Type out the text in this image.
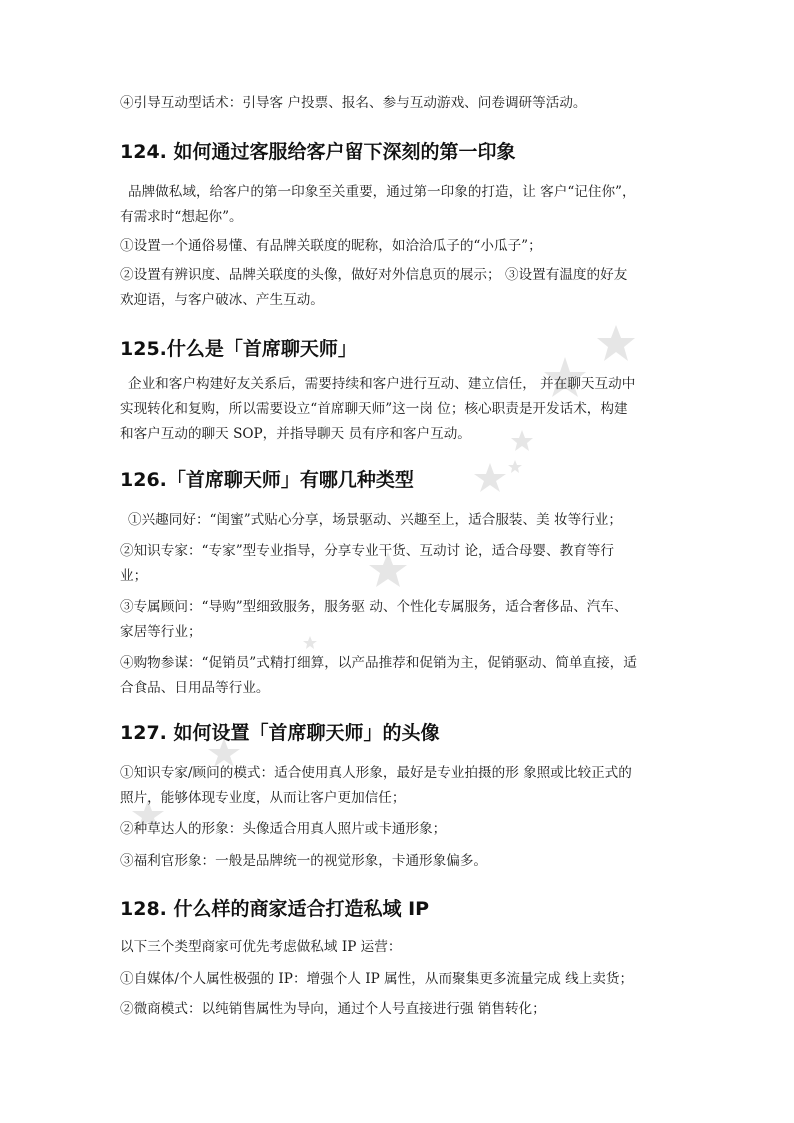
④引导互动型话术：引导客 户投票、报名、参与互动游戏、问卷调研等活动。

124. 如何通过客服给客户留下深刻的第一印象

品牌做私域，给客户的第一印象至关重要，通过第一印象的打造，让 客户“记住你”，有需求时“想起你”。

①设置一个通俗易懂、有品牌关联度的昵称，如洽洽瓜子的“小瓜子”；

②设置有辨识度、品牌关联度的头像，做好对外信息页的展示； ③设置有温度的好友欢迎语，与客户破冰、产生互动。

125.什么是「首席聊天师」

企业和客户构建好友关系后，需要持续和客户进行互动、建立信任， 并在聊天互动中实现转化和复购，所以需要设立“首席聊天师”这一岗 位；核心职责是开发话术，构建和客户互动的聊天 SOP，并指导聊天 员有序和客户互动。

126.「首席聊天师」有哪几种类型

①兴趣同好：“闺蜜”式贴心分享，场景驱动、兴趣至上，适合服装、美 妆等行业；

②知识专家：“专家”型专业指导，分享专业干货、互动讨 论，适合母婴、教育等行业；

③专属顾问：“导购”型细致服务，服务驱 动、个性化专属服务，适合奢侈品、汽车、家居等行业；

④购物参谋：“促销员”式精打细算，以产品推荐和促销为主，促销驱动、简单直接，适合食品、日用品等行业。

127. 如何设置「首席聊天师」的头像

①知识专家/顾问的模式：适合使用真人形象，最好是专业拍摄的形 象照或比较正式的照片，能够体现专业度，从而让客户更加信任；

②种草达人的形象：头像适合用真人照片或卡通形象；

③福利官形象：一般是品牌统一的视觉形象，卡通形象偏多。

128. 什么样的商家适合打造私域 IP

以下三个类型商家可优先考虑做私域 IP 运营：

①自媒体/个人属性极强的 IP：增强个人 IP 属性，从而聚集更多流量完成 线上卖货；

②微商模式：以纯销售属性为导向，通过个人号直接进行强 销售转化；
